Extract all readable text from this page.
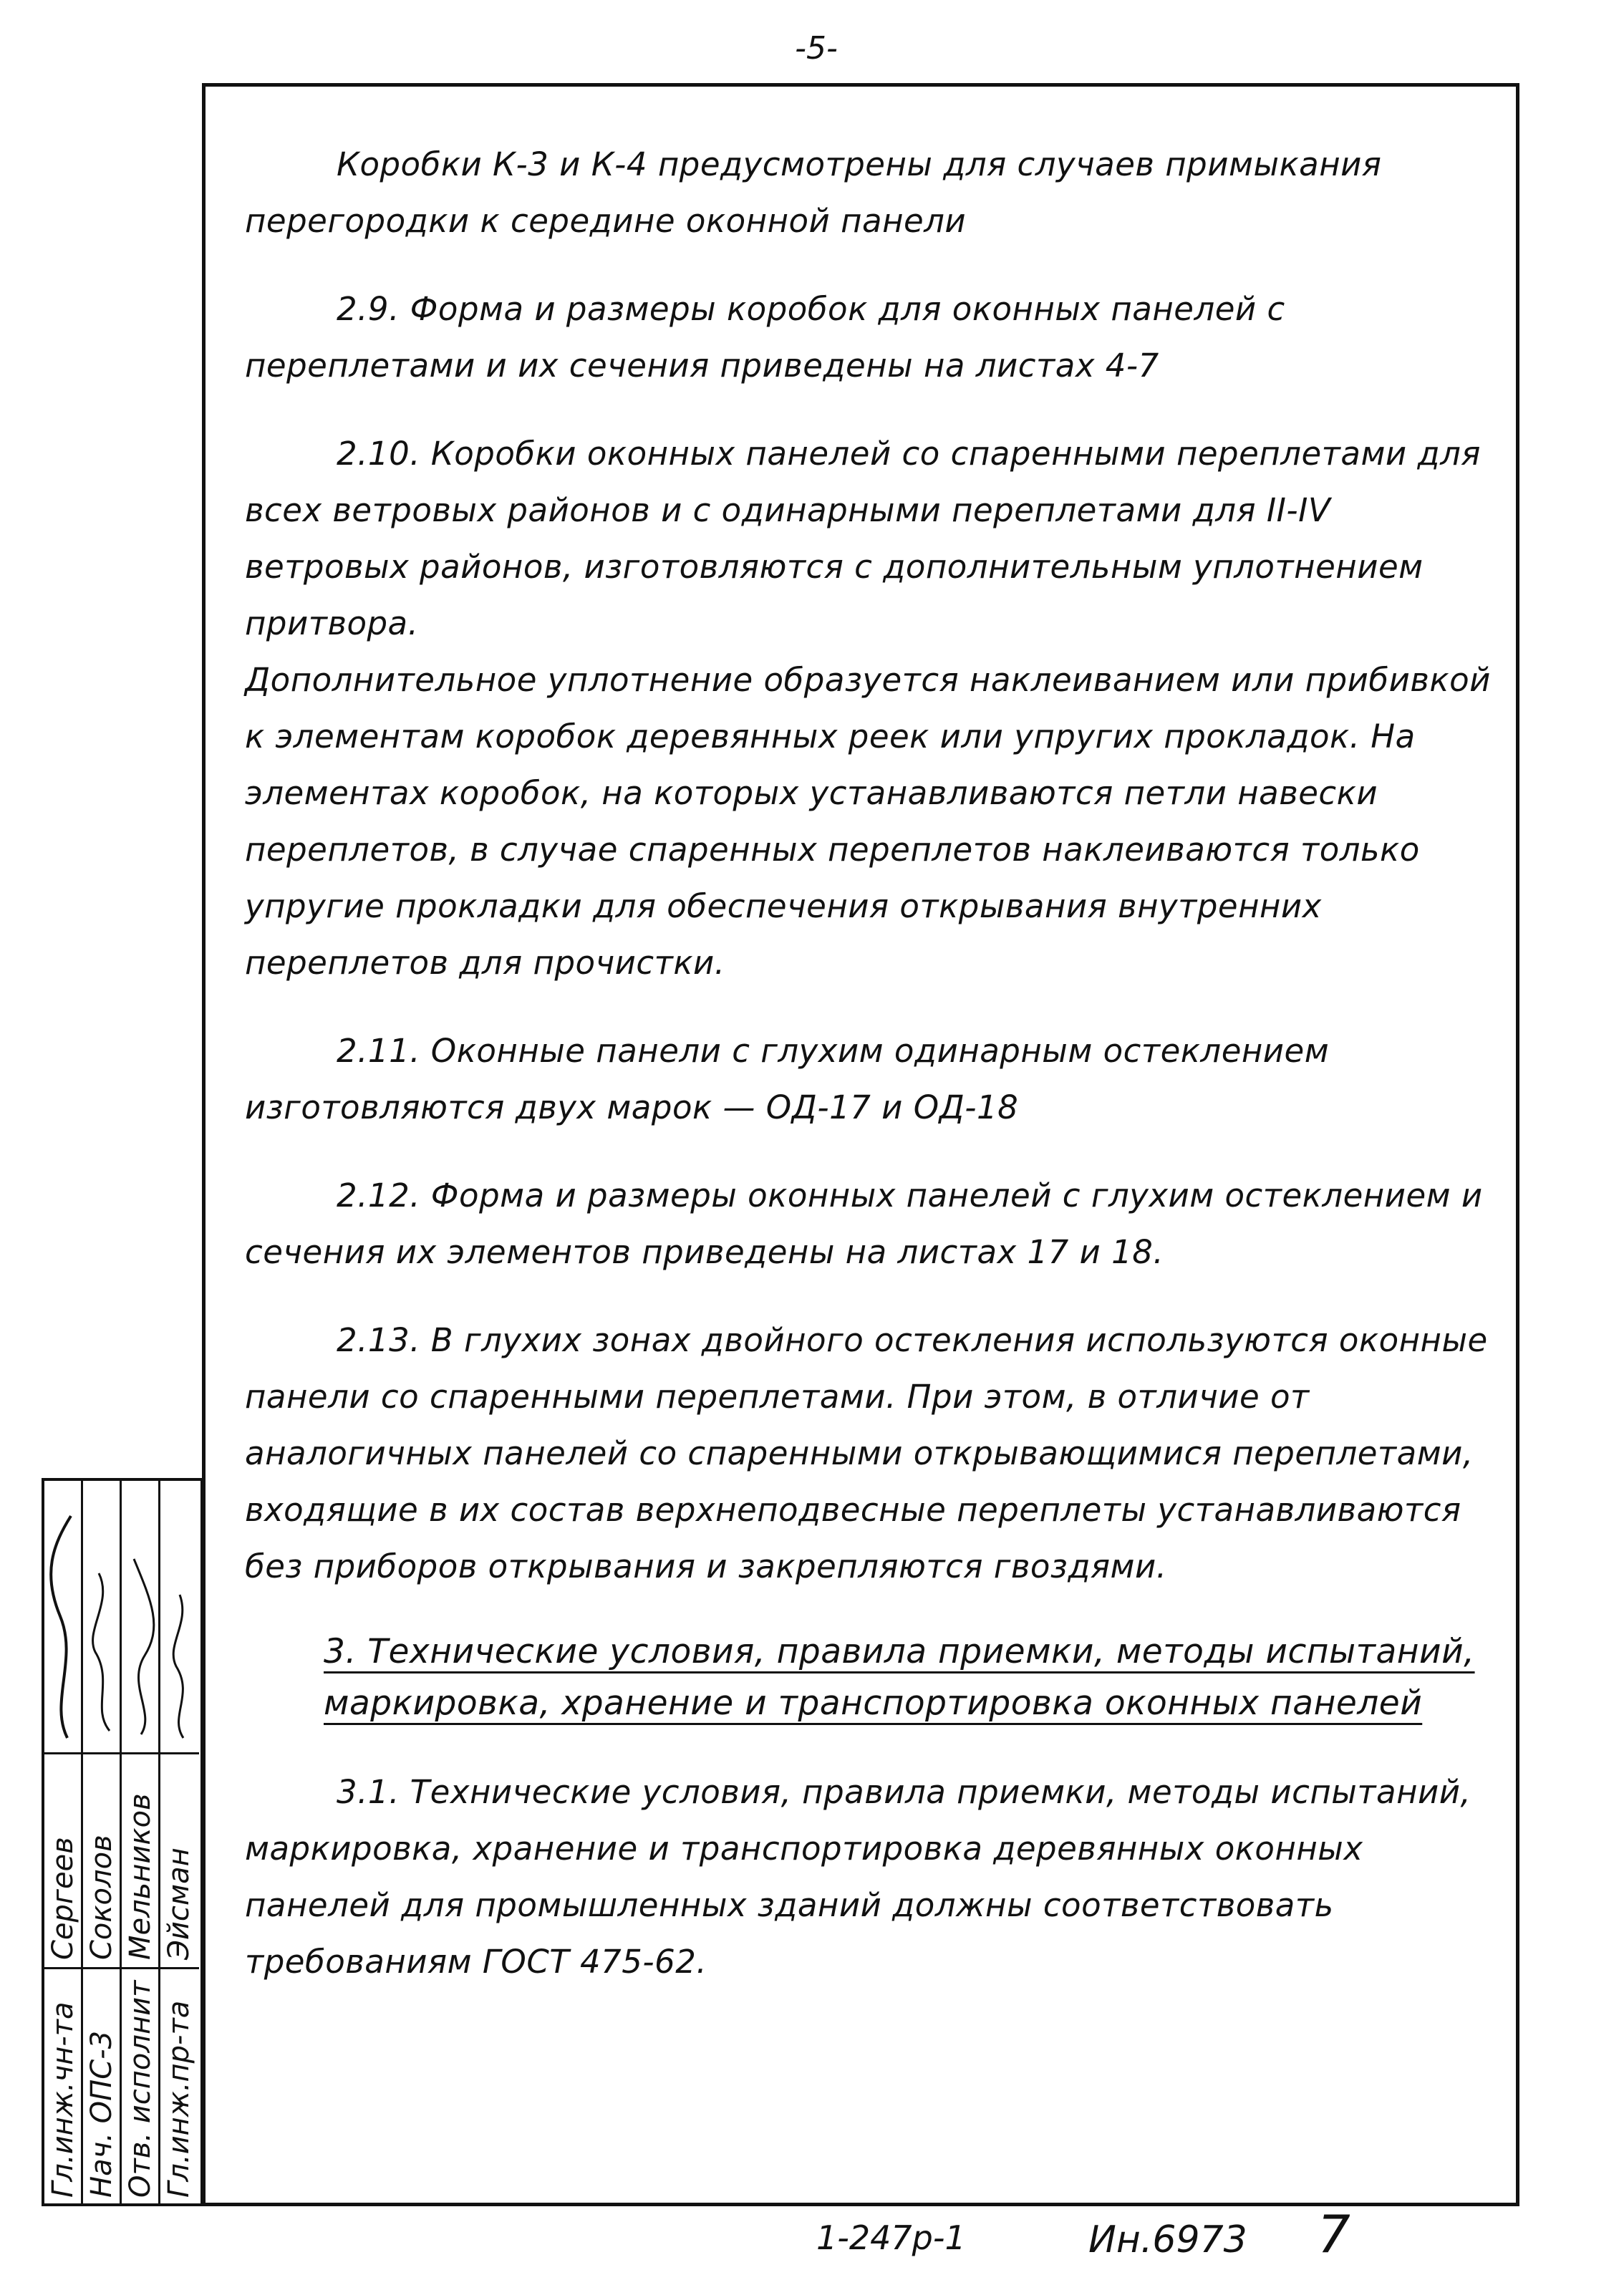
-5-

Коробки К-3 и К-4 предусмотрены для случаев примыкания перегородки к середине оконной панели

2.9. Форма и размеры коробок для оконных панелей с переплетами и их сечения приведены на листах 4-7

2.10. Коробки оконных панелей со спаренными переплетами для всех ветровых районов и с одинарными переплетами для II-IV ветровых районов, изготовляются с дополнительным уплотнением притвора.

Дополнительное уплотнение образуется наклеиванием или прибивкой к элементам коробок деревянных реек или упругих прокладок. На элементах коробок, на которых устанавливаются петли навески переплетов, в случае спаренных переплетов наклеиваются только упругие прокладки для обеспечения открывания внутренних переплетов для прочистки.

2.11. Оконные панели с глухим одинарным остеклением изготовляются двух марок — ОД-17 и ОД-18

2.12. Форма и размеры оконных панелей с глухим остеклением и сечения их элементов приведены на листах 17 и 18.

2.13. В глухих зонах двойного остекления используются оконные панели со спаренными переплетами. При этом, в отличие от аналогичных панелей со спаренными открывающимися переплетами, входящие в их состав верхнеподвесные переплеты устанавливаются без приборов открывания и закрепляются гвоздями.

3. Технические условия, правила приемки, методы испытаний,
маркировка, хранение и транспортировка оконных панелей

3.1. Технические условия, правила приемки, методы испытаний, маркировка, хранение и транспортировка деревянных оконных панелей для промышленных зданий должны соответствовать требованиям ГОСТ 475-62.

Гл.инж.чн-та
Сергеев
Нач. ОПС-3
Соколов
Отв. исполнит
Мельников
Гл.инж.пр-та
Эйсман
1-247р-1	Ин.6973 7
